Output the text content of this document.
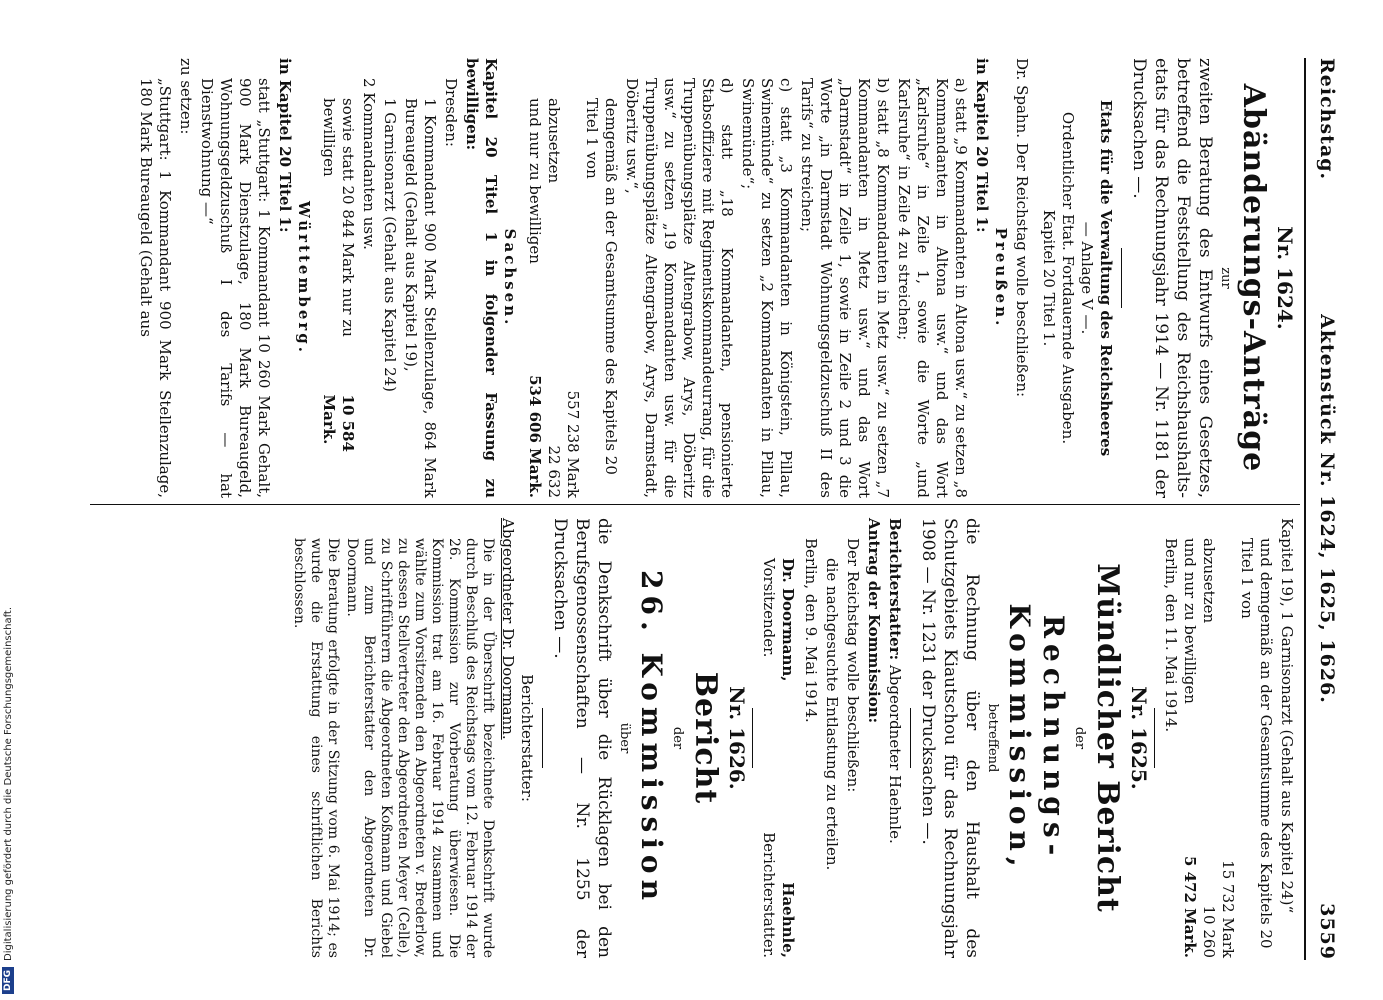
Reichstag.
Aktenstück Nr. 1624, 1625, 1626.
3559

Nr. 1624.

Abänderungs-Anträge

zur

zweiten Beratung des Entwurfs eines Gesetzes, betreffend die Feststellung des Reichshaushalts-etats für das Rechnungsjahr 1914 — Nr. 1181 der Drucksachen —.

Etats für die Verwaltung des Reichsheeres

— Anlage V —.

Ordentlicher Etat. Fortdauernde Ausgaben.

Kapitel 20 Titel 1.

Dr. Spahn. Der Reichstag wolle beschließen:

Preußen.

in Kapitel 20 Titel 1:

a) statt „9 Kommandanten in Altona usw.“ zu setzen „8 Kommandanten in Altona usw.“ und das Wort „Karlsruhe“ in Zeile 1, sowie die Worte „und Karlsruhe“ in Zeile 4 zu streichen;

b) statt „8 Kommandanten in Metz usw.“ zu setzen „7 Kommandanten in Metz usw.“ und das Wort „Darmstadt“ in Zeile 1, sowie in Zeile 2 und 3 die Worte „in Darmstadt Wohnungsgeldzuschuß II des Tarifs“ zu streichen;

c) statt „3 Kommandanten in Königstein, Pillau, Swinemünde“ zu setzen „2 Kommandanten in Pillau, Swinemünde“;

d) statt „18 Kommandanten, pensionierte Stabsoffiziere mit Regimentskommandeurrang, für die Truppenübungsplätze Altengrabow, Arys, Döberitz usw.“ zu setzen „19 Kommandanten usw. für die Truppenübungsplätze Altengrabow, Arys, Darmstadt, Döberitz usw.“,

demgemäß an der Gesamtsumme des Kapitels 20 Titel 1 von
557 238 Mark
abzusetzen
22 632
und nur zu bewilligen
534 606 Mark.

Sachsen.

Kapitel 20 Titel 1 in folgender Fassung zu bewilligen:

Dresden:

1 Kommandant 900 Mark Stellenzulage, 864 Mark Bureaugeld (Gehalt aus Kapitel 19),

1 Garnisonarzt (Gehalt aus Kapitel 24)

2 Kommandanten usw.

sowie statt 20 844 Mark nur zu bewilligen
10 584 Mark.

Württemberg.

in Kapitel 20 Titel 1:

statt „Stuttgart: 1 Kommandant 10 260 Mark Gehalt, 900 Mark Dienstzulage, 180 Mark Bureaugeld, Wohnungsgeldzuschuß I des Tarifs — hat Dienstwohnung —“

zu setzen:

„Stuttgart: 1 Kommandant 900 Mark Stellenzulage, 180 Mark Bureaugeld (Gehalt aus

Kapitel 19), 1 Garnisonarzt (Gehalt aus Kapitel 24)“

und demgemäß an der Gesamtsumme des Kapitels 20 Titel 1 von
15 732 Mark
abzusetzen
10 260
und nur zu bewilligen
5 472 Mark.

Berlin, den 11. Mai 1914.

Nr. 1625.

Mündlicher Bericht

der

Rechnungs-Kommission,

betreffend

die Rechnung über den Haushalt des Schutzgebiets Kiautschou für das Rechnungsjahr 1908 — Nr. 1231 der Drucksachen —.

Berichterstatter: Abgeordneter Haehnle.

Antrag der Kommission:

Der Reichstag wolle beschließen:

die nachgesuchte Entlastung zu erteilen.

Berlin, den 9. Mai 1914.

Dr. Doormann,
Vorsitzender.
Haehnle,
Berichterstatter.

Nr. 1626.

Bericht

der

26. Kommission

über

die Denkschrift über die Rücklagen bei den Berufsgenossenschaften — Nr. 1255 der Drucksachen —.

Berichterstatter:

Abgeordneter Dr. Doormann.

Die in der Überschrift bezeichnete Denkschrift wurde durch Beschluß des Reichstags vom 12. Februar 1914 der 26. Kommission zur Vorberatung überwiesen. Die Kommission trat am 16. Februar 1914 zusammen und wählte zum Vorsitzenden den Abgeordneten v. Brederlow, zu dessen Stellvertreter den Abgeordneten Meyer (Celle), zu Schriftführern die Abgeordneten Koßmann und Giebel und zum Berichterstatter den Abgeordneten Dr. Doormann.

Die Beratung erfolgte in der Sitzung vom 6. Mai 1914; es wurde die Erstattung eines schriftlichen Berichts beschlossen.

DFG
Digitalisierung gefördert durch die Deutsche Forschungsgemeinschaft.
